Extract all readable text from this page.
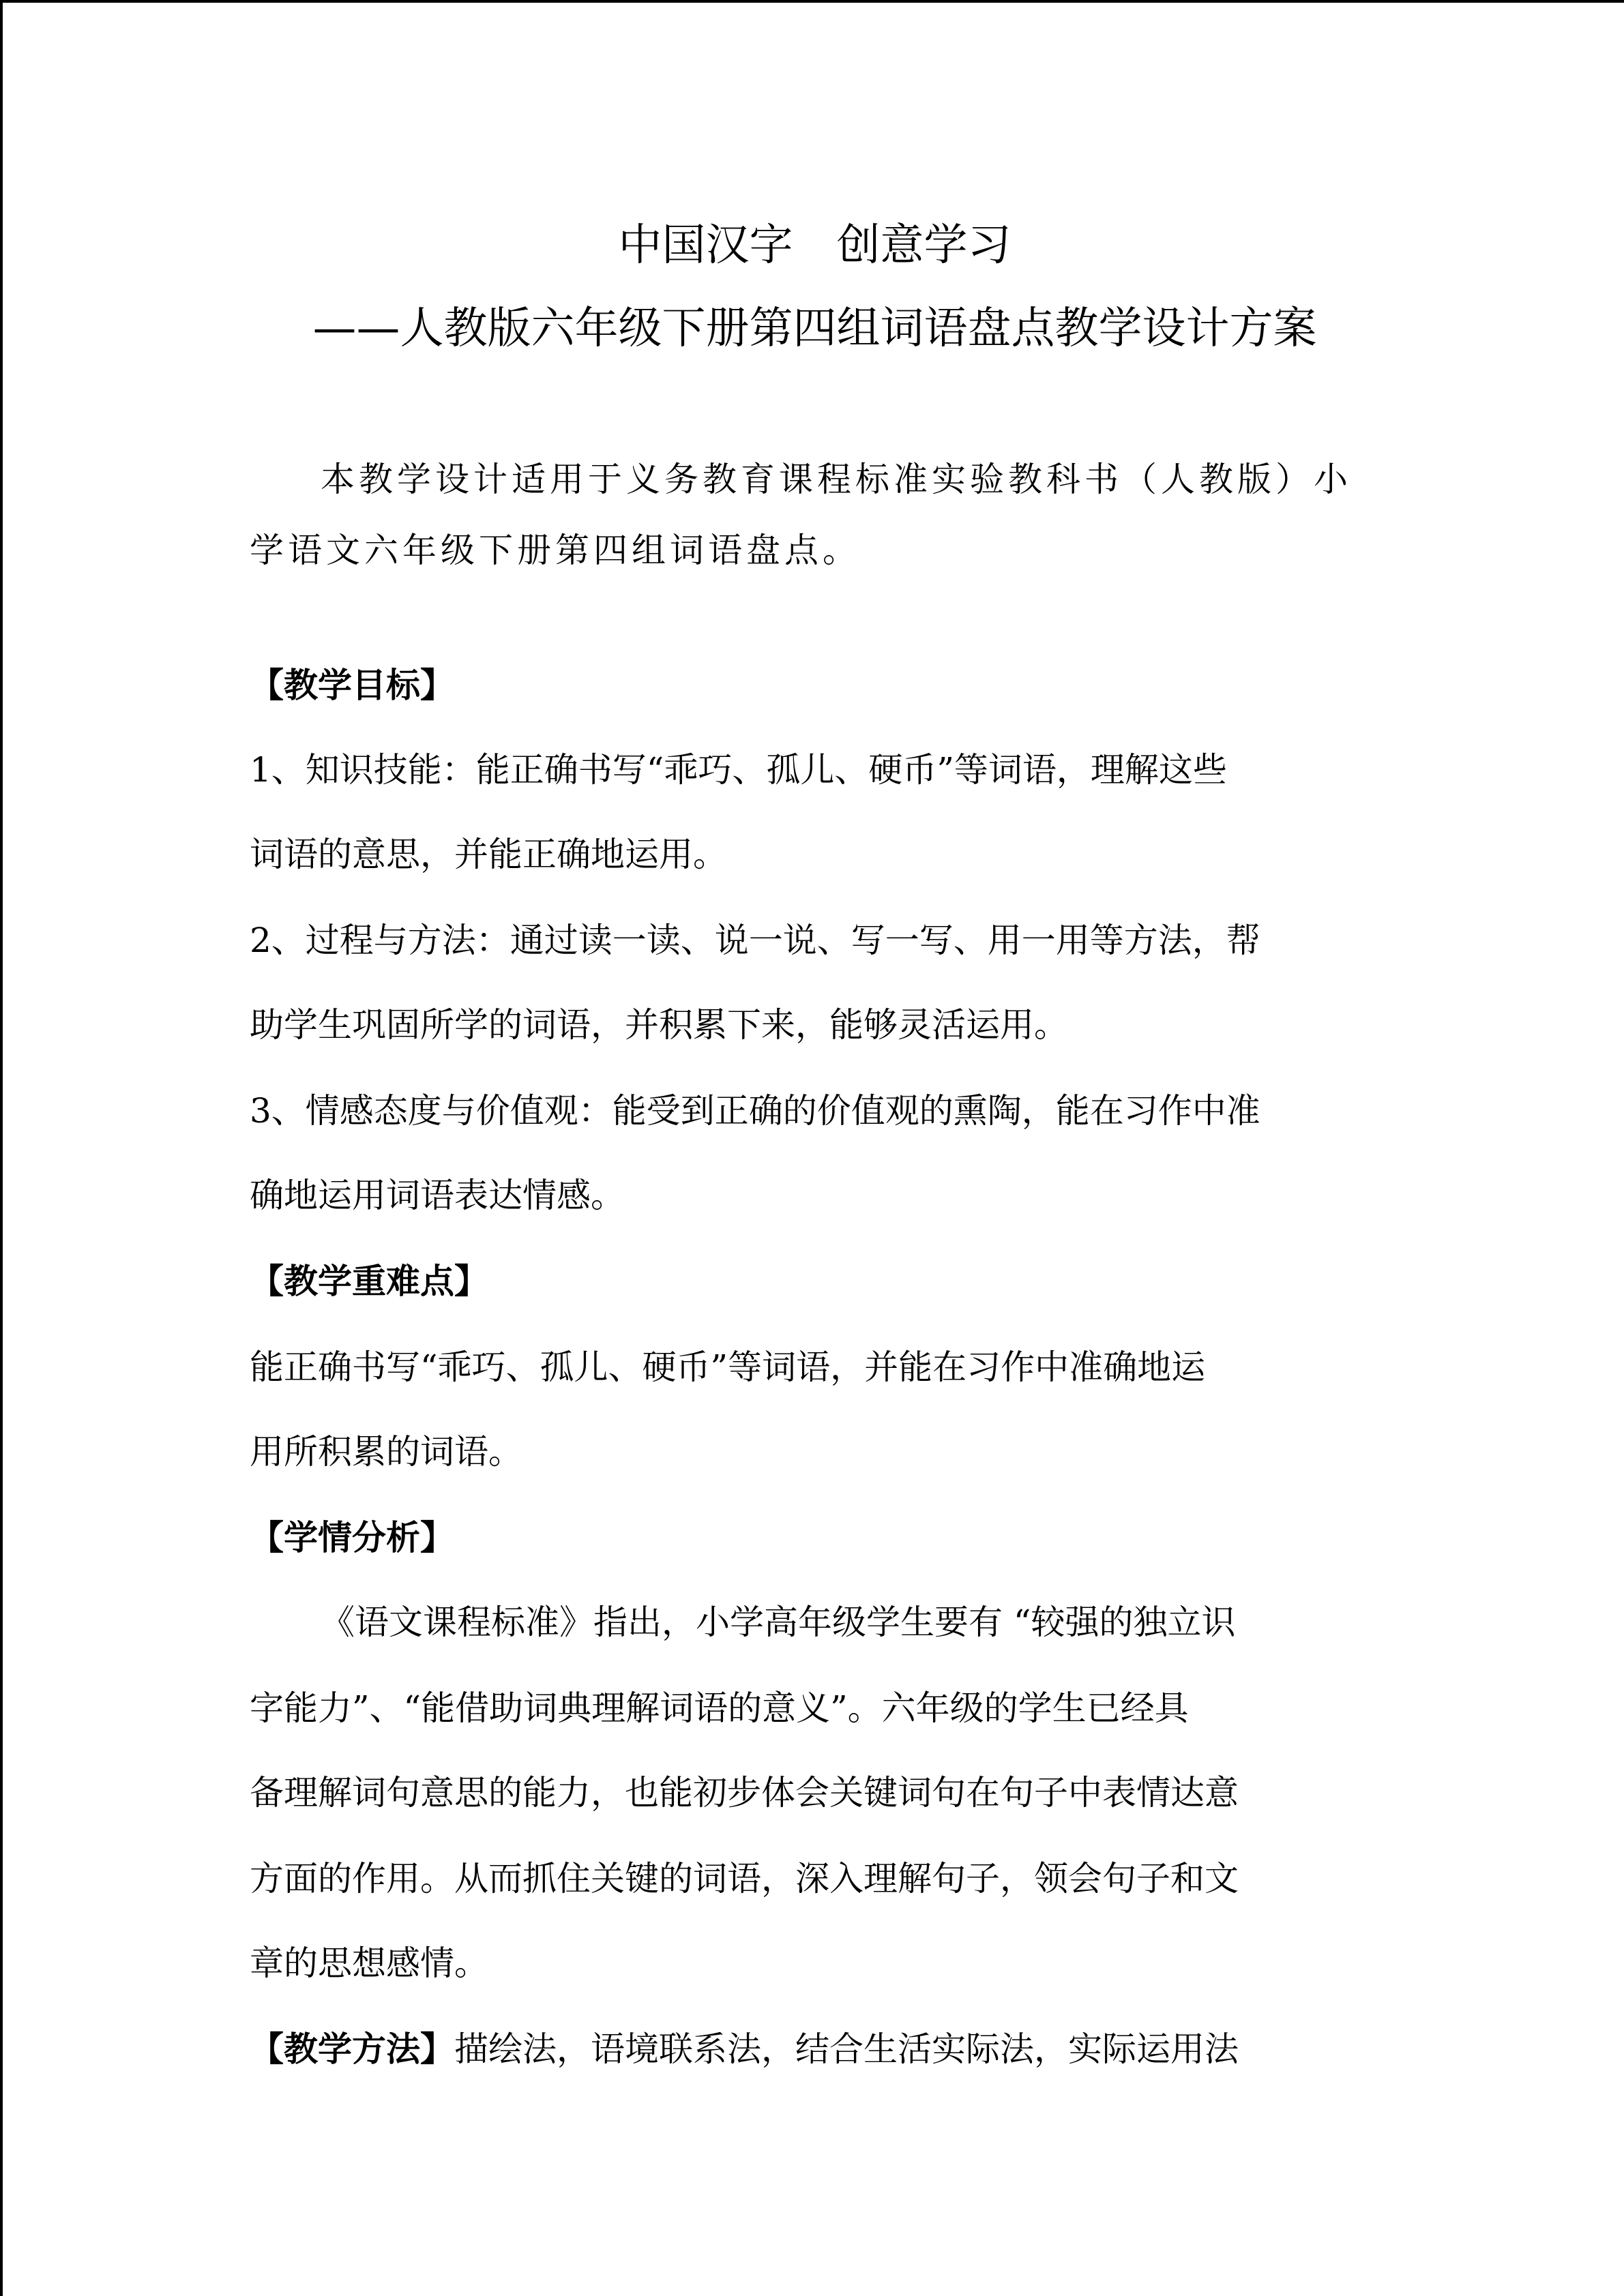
中国汉字　创意学习
——人教版六年级下册第四组词语盘点教学设计方案
本教学设计适用于义务教育课程标准实验教科书（人教版）小
学语文六年级下册第四组词语盘点。
【教学目标】
1、知识技能：能正确书写“乖巧、孤儿、硬币”等词语，理解这些
词语的意思，并能正确地运用。
2、过程与方法：通过读一读、说一说、写一写、用一用等方法，帮
助学生巩固所学的词语，并积累下来，能够灵活运用。
3、情感态度与价值观：能受到正确的价值观的熏陶，能在习作中准
确地运用词语表达情感。
【教学重难点】
能正确书写“乖巧、孤儿、硬币”等词语，并能在习作中准确地运
用所积累的词语。
【学情分析】
《语文课程标准》指出，小学高年级学生要有 “较强的独立识
字能力”、“能借助词典理解词语的意义”。六年级的学生已经具
备理解词句意思的能力，也能初步体会关键词句在句子中表情达意
方面的作用。从而抓住关键的词语，深入理解句子，领会句子和文
章的思想感情。
【教学方法】描绘法，语境联系法，结合生活实际法，实际运用法
